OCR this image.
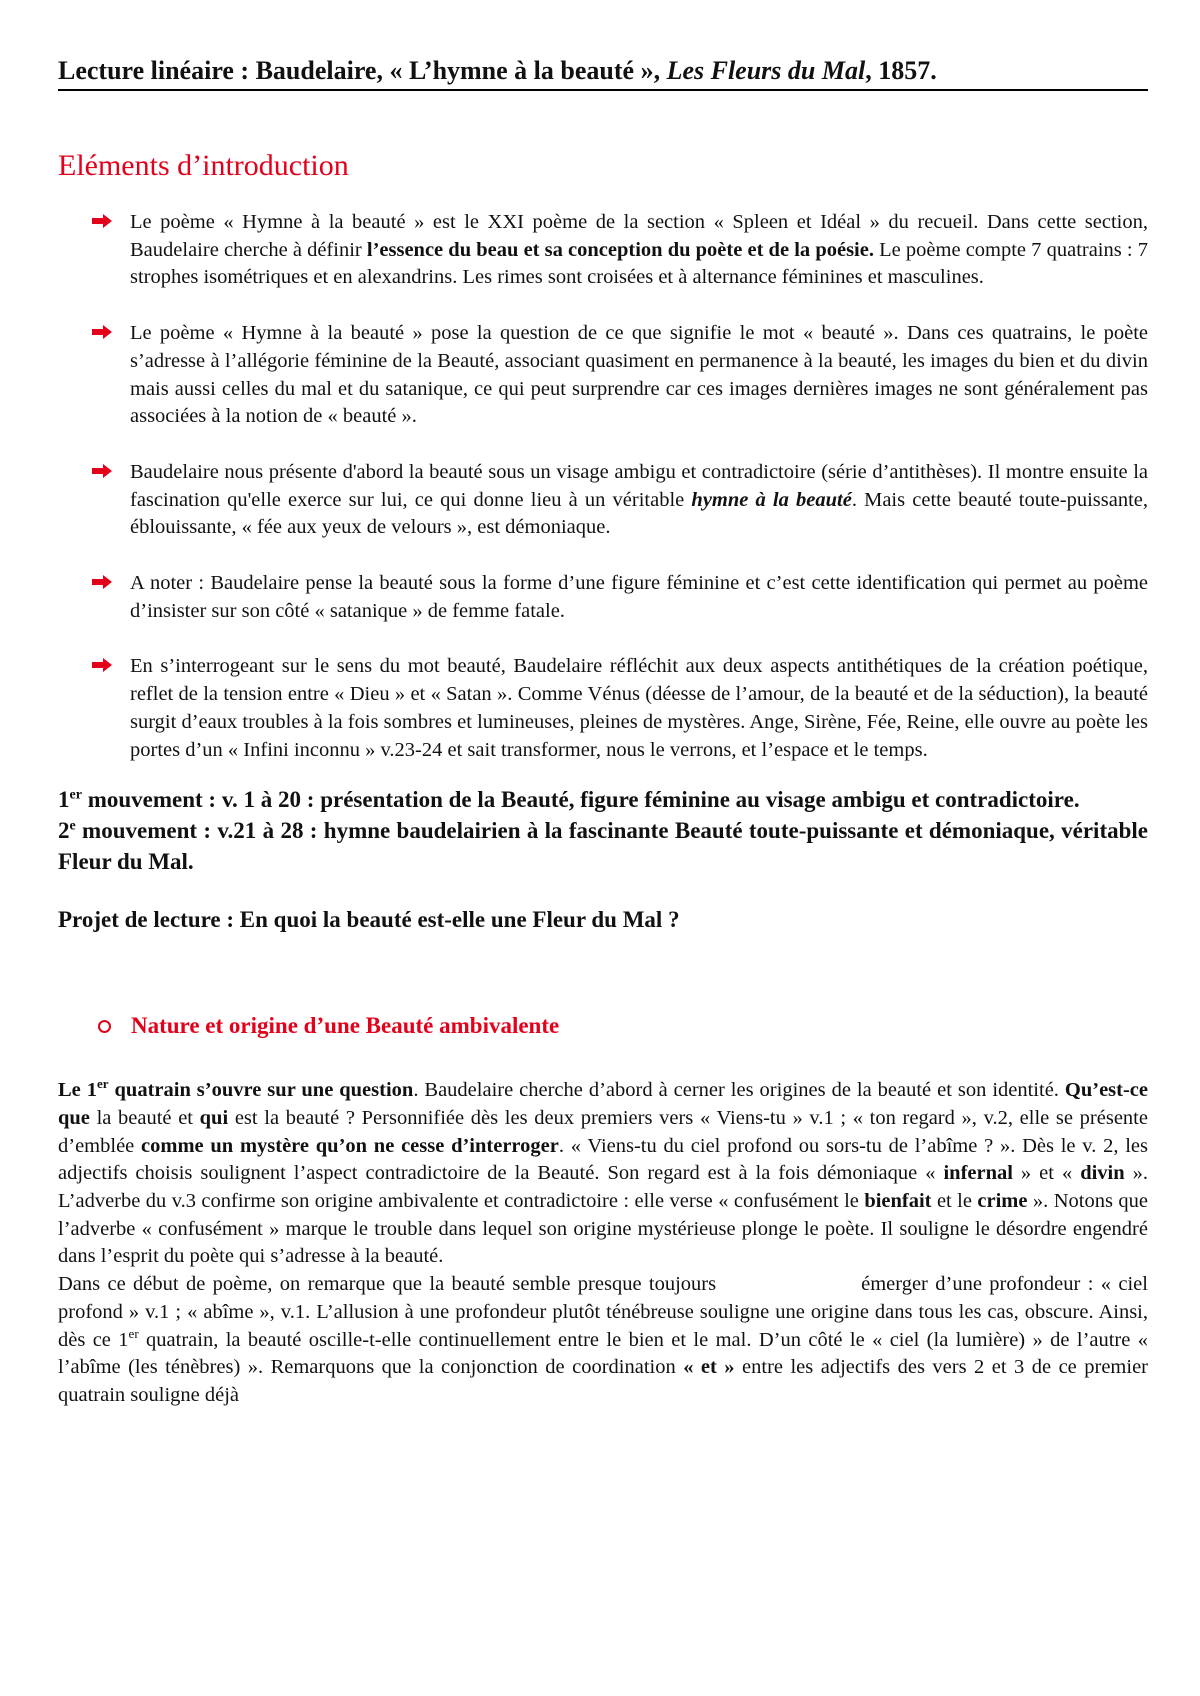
Lecture linéaire : Baudelaire, « L’hymne à la beauté », Les Fleurs du Mal, 1857.
Eléments d’introduction
Le poème « Hymne à la beauté » est le XXI poème de la section « Spleen et Idéal » du recueil. Dans cette section, Baudelaire cherche à définir l’essence du beau et sa conception du poète et de la poésie. Le poème compte 7 quatrains : 7 strophes isométriques et en alexandrins. Les rimes sont croisées et à alternance féminines et masculines.
Le poème « Hymne à la beauté » pose la question de ce que signifie le mot « beauté ». Dans ces quatrains, le poète s’adresse à l’allégorie féminine de la Beauté, associant quasiment en permanence à la beauté, les images du bien et du divin mais aussi celles du mal et du satanique, ce qui peut surprendre car ces images dernières images ne sont généralement pas associées à la notion de « beauté ».
Baudelaire nous présente d'abord la beauté sous un visage ambigu et contradictoire (série d’antithèses). Il montre ensuite la fascination qu'elle exerce sur lui, ce qui donne lieu à un véritable hymne à la beauté. Mais cette beauté toute-puissante, éblouissante, « fée aux yeux de velours », est démoniaque.
A noter : Baudelaire pense la beauté sous la forme d’une figure féminine et c’est cette identification qui permet au poème d’insister sur son côté « satanique » de femme fatale.
En s’interrogeant sur le sens du mot beauté, Baudelaire réfléchit aux deux aspects antithétiques de la création poétique, reflet de la tension entre « Dieu » et « Satan ». Comme Vénus (déesse de l’amour, de la beauté et de la séduction), la beauté surgit d’eaux troubles à la fois sombres et lumineuses, pleines de mystères. Ange, Sirène, Fée, Reine, elle ouvre au poète les portes d’un « Infini inconnu » v.23-24 et sait transformer, nous le verrons, et l’espace et le temps.

1er mouvement : v. 1 à 20 : présentation de la Beauté, figure féminine au visage ambigu et contradictoire.

2e mouvement : v.21 à 28 : hymne baudelairien à la fascinante Beauté toute-puissante et démoniaque, véritable Fleur du Mal.

Projet de lecture : En quoi la beauté est-elle une Fleur du Mal ?

Nature et origine d’une Beauté ambivalente

Le 1er quatrain s’ouvre sur une question. Baudelaire cherche d’abord à cerner les origines de la beauté et son identité. Qu’est-ce que la beauté et qui est la beauté ? Personnifiée dès les deux premiers vers « Viens-tu » v.1 ; « ton regard », v.2, elle se présente d’emblée comme un mystère qu’on ne cesse d’interroger. « Viens-tu du ciel profond ou sors-tu de l’abîme ? ». Dès le v. 2, les adjectifs choisis soulignent l’aspect contradictoire de la Beauté. Son regard est à la fois démoniaque « infernal » et « divin ». L’adverbe du v.3 confirme son origine ambivalente et contradictoire : elle verse « confusément le bienfait et le crime ». Notons que l’adverbe « confusément » marque le trouble dans lequel son origine mystérieuse plonge le poète. Il souligne le désordre engendré dans l’esprit du poète qui s’adresse à la beauté.

Dans ce début de poème, on remarque que la beauté semble presque toujours	émerger d’une profondeur : « ciel profond » v.1 ; « abîme », v.1. L’allusion à une profondeur plutôt ténébreuse souligne une origine dans tous les cas, obscure. Ainsi, dès ce 1er quatrain, la beauté oscille-t-elle continuellement entre le bien et le mal. D’un côté le « ciel (la lumière) » de l’autre « l’abîme (les ténèbres) ». Remarquons que la conjonction de coordination « et » entre les adjectifs des vers 2 et 3 de ce premier quatrain souligne déjà
